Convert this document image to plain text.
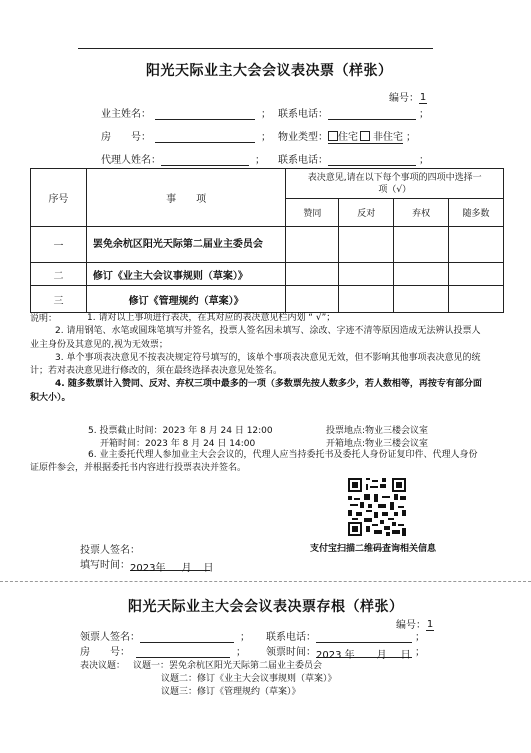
阳光天际业主大会会议表决票（样张）
编号：1
业主姓名：	； 联系电话：	；
房　　号：	； 物业类型： 住宅 非住宅 ；
代理人姓名：	； 联系电话：	；
序号	事　　项	表决意见,请在以下每个事项的四项中选择一项（√）			
		赞同	反对	弃权	随多数
一	罢免余杭区阳光天际第二届业主委员会				
二	修订《业主大会议事规则（草案）》				
三	修订《管理规约（草案）》				
说明：	1. 请对以上事项进行表决，在其对应的表决意见栏内划 “ √”；

2. 请用钢笔、水笔或圆珠笔填写并签名，投票人签名因未填写、涂改、字迹不清等原因造成无法辨认投票人业主身份及其意见的,视为无效票；

3. 单个事项表决意见不按表决规定符号填写的，该单个事项表决意见无效，但不影响其他事项表决意见的统计；若对表决意见进行修改的，须在最终选择表决意见处签名。

4. 随多数票计入赞同、反对、弃权三项中最多的一项（多数票先按人数多少，若人数相等，再按专有部分面积大小）。

5. 投票截止时间：2023 年 8 月 24 日 12:00	投票地点:物业三楼会议室
开箱时间：2023 年 8 月 24 日 14:00	开箱地点:物业三楼会议室
6. 业主委托代理人参加业主大会会议的，代理人应当持委托书及委托人身份证复印件、代理人身份证原件参会，并根据委托书内容进行投票表决并签名。
支付宝扫描二维码查询相关信息
投票人签名：
填写时间：2023年 月 日
阳光天际业主大会会议表决票存根（样张）
编号：1
领票人签名：	； 联系电话：	；
房　　号：	； 领票时间：2023 年 月 日 ；
表决议题： 议题一：罢免余杭区阳光天际第二届业主委员会
议题二：修订《业主大会议事规则（草案）》
议题三：修订《管理规约（草案）》
